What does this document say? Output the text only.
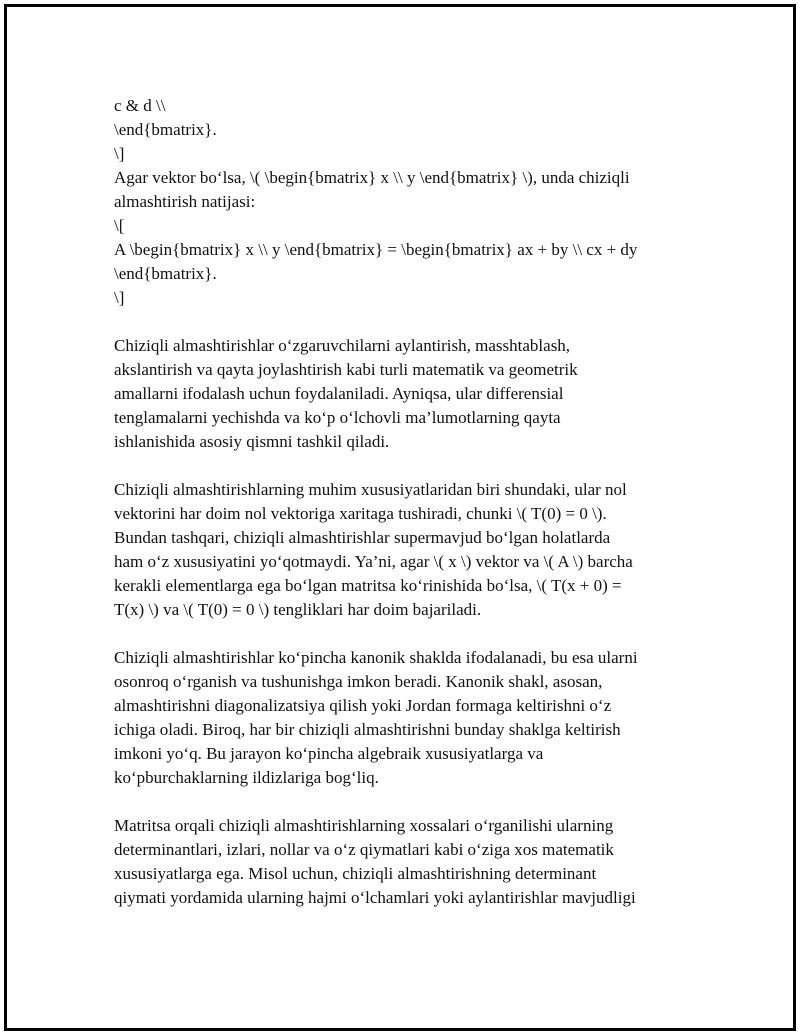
c & d \\
\end{bmatrix}.
\]
Agar vektor bo‘lsa, \( \begin{bmatrix} x \\ y \end{bmatrix} \), unda chiziqli
almashtirish natijasi:
\[
A \begin{bmatrix} x \\ y \end{bmatrix} = \begin{bmatrix} ax + by \\ cx + dy
\end{bmatrix}.
\]
Chiziqli almashtirishlar o‘zgaruvchilarni aylantirish, masshtablash,
akslantirish va qayta joylashtirish kabi turli matematik va geometrik
amallarni ifodalash uchun foydalaniladi. Ayniqsa, ular differensial
tenglamalarni yechishda va ko‘p o‘lchovli ma’lumotlarning qayta
ishlanishida asosiy qismni tashkil qiladi.
Chiziqli almashtirishlarning muhim xususiyatlaridan biri shundaki, ular nol
vektorini har doim nol vektoriga xaritaga tushiradi, chunki \( T(0) = 0 \).
Bundan tashqari, chiziqli almashtirishlar supermavjud bo‘lgan holatlarda
ham o‘z xususiyatini yo‘qotmaydi. Ya’ni, agar \( x \) vektor va \( A \) barcha
kerakli elementlarga ega bo‘lgan matritsa ko‘rinishida bo‘lsa, \( T(x + 0) =
T(x) \) va \( T(0) = 0 \) tengliklari har doim bajariladi.
Chiziqli almashtirishlar ko‘pincha kanonik shaklda ifodalanadi, bu esa ularni
osonroq o‘rganish va tushunishga imkon beradi. Kanonik shakl, asosan,
almashtirishni diagonalizatsiya qilish yoki Jordan formaga keltirishni o‘z
ichiga oladi. Biroq, har bir chiziqli almashtirishni bunday shaklga keltirish
imkoni yo‘q. Bu jarayon ko‘pincha algebraik xususiyatlarga va
ko‘pburchaklarning ildizlariga bog‘liq.
Matritsa orqali chiziqli almashtirishlarning xossalari o‘rganilishi ularning
determinantlari, izlari, nollar va o‘z qiymatlari kabi o‘ziga xos matematik
xususiyatlarga ega. Misol uchun, chiziqli almashtirishning determinant
qiymati yordamida ularning hajmi o‘lchamlari yoki aylantirishlar mavjudligi
